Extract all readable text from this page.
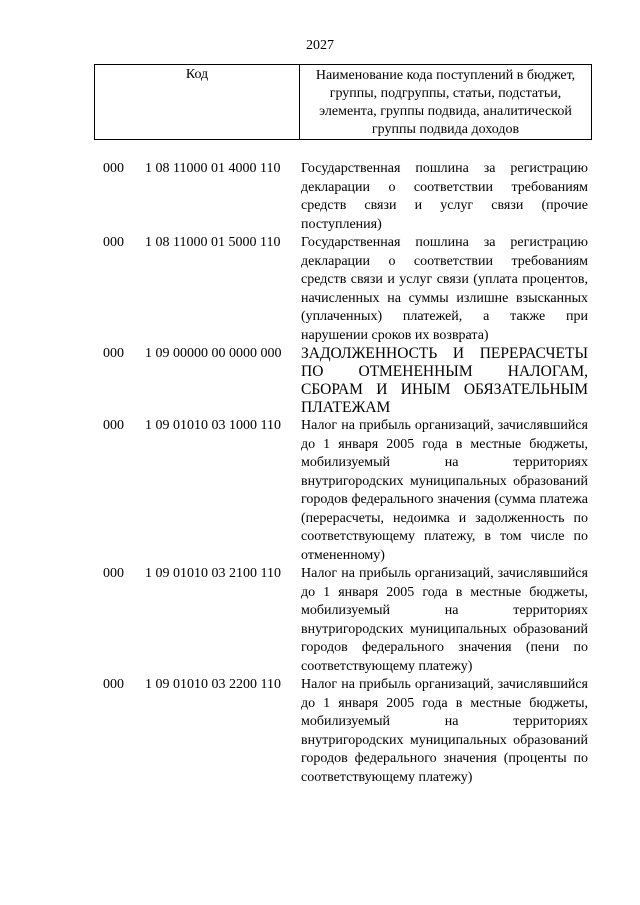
2027
Код	Наименование кода поступлений в бюджет, группы, подгруппы, статьи, подстатьи, элемента, группы подвида, аналитической группы подвида доходов
000	1 08 11000 01 4000 110	Государственная пошлина за регистрацию декларации о соответствии требованиям средств связи и услуг связи (прочие поступления)
000	1 08 11000 01 5000 110	Государственная пошлина за регистрацию декларации о соответствии требованиям средств связи и услуг связи (уплата процентов, начисленных на суммы излишне взысканных (уплаченных) платежей, а также при нарушении сроков их возврата)
000	1 09 00000 00 0000 000	ЗАДОЛЖЕННОСТЬ И ПЕРЕРАСЧЕТЫ ПО ОТМЕНЕННЫМ НАЛОГАМ, СБОРАМ И ИНЫМ ОБЯЗАТЕЛЬНЫМ ПЛАТЕЖАМ
000	1 09 01010 03 1000 110	Налог на прибыль организаций, зачислявшийся до 1 января 2005 года в местные бюджеты, мобилизуемый на территориях внутригородских муниципальных образований городов федерального значения (сумма платежа (перерасчеты, недоимка и задолженность по соответствующему платежу, в том числе по отмененному)
000	1 09 01010 03 2100 110	Налог на прибыль организаций, зачислявшийся до 1 января 2005 года в местные бюджеты, мобилизуемый на территориях внутригородских муниципальных образований городов федерального значения (пени по соответствующему платежу)
000	1 09 01010 03 2200 110	Налог на прибыль организаций, зачислявшийся до 1 января 2005 года в местные бюджеты, мобилизуемый на территориях внутригородских муниципальных образований городов федерального значения (проценты по соответствующему платежу)
